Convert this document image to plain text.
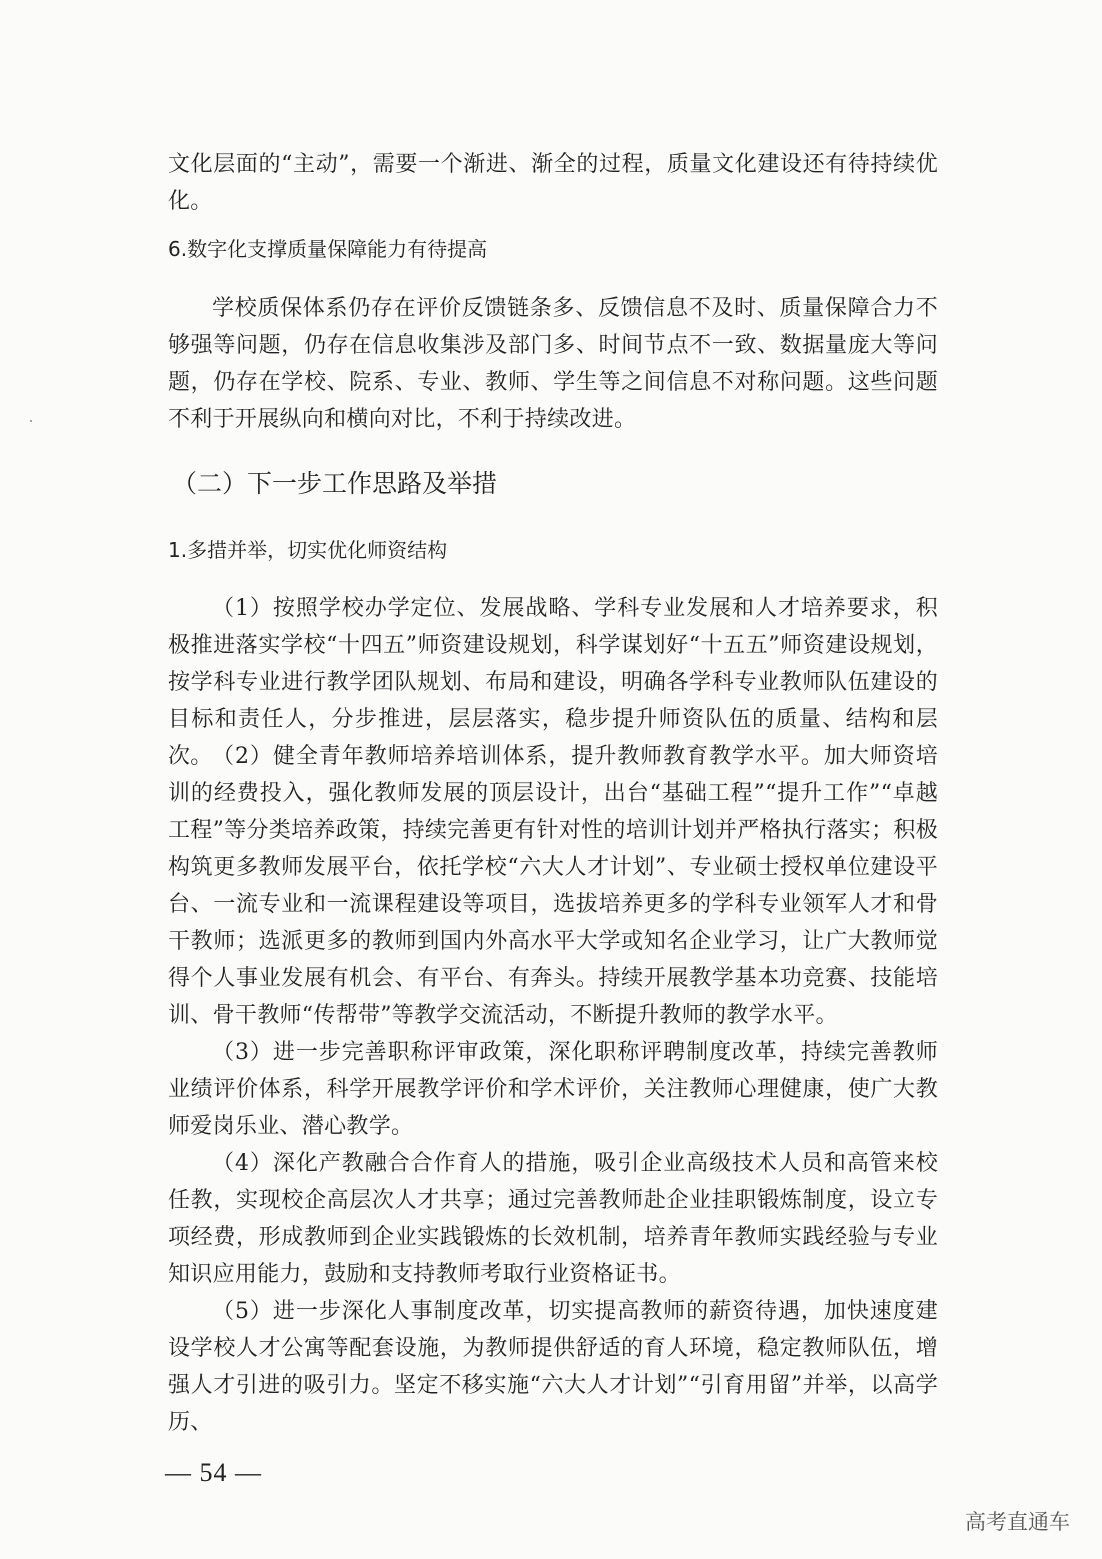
文化层面的“主动”，需要一个渐进、渐全的过程，质量文化建设还有待持续优化。

6.数字化支撑质量保障能力有待提高

学校质保体系仍存在评价反馈链条多、反馈信息不及时、质量保障合力不够强等问题，仍存在信息收集涉及部门多、时间节点不一致、数据量庞大等问题，仍存在学校、院系、专业、教师、学生等之间信息不对称问题。这些问题不利于开展纵向和横向对比，不利于持续改进。

（二）下一步工作思路及举措
1.多措并举，切实优化师资结构

（1）按照学校办学定位、发展战略、学科专业发展和人才培养要求，积极推进落实学校“十四五”师资建设规划，科学谋划好“十五五”师资建设规划，按学科专业进行教学团队规划、布局和建设，明确各学科专业教师队伍建设的目标和责任人，分步推进，层层落实，稳步提升师资队伍的质量、结构和层次。 （2）健全青年教师培养培训体系，提升教师教育教学水平。加大师资培训的经费投入，强化教师发展的顶层设计，出台“基础工程”“提升工作”“卓越工程”等分类培养政策，持续完善更有针对性的培训计划并严格执行落实；积极构筑更多教师发展平台，依托学校“六大人才计划”、专业硕士授权单位建设平台、一流专业和一流课程建设等项目，选拔培养更多的学科专业领军人才和骨干教师；选派更多的教师到国内外高水平大学或知名企业学习，让广大教师觉得个人事业发展有机会、有平台、有奔头。持续开展教学基本功竞赛、技能培训、骨干教师“传帮带”等教学交流活动，不断提升教师的教学水平。

（3）进一步完善职称评审政策，深化职称评聘制度改革，持续完善教师业绩评价体系，科学开展教学评价和学术评价，关注教师心理健康，使广大教师爱岗乐业、潜心教学。

（4）深化产教融合合作育人的措施，吸引企业高级技术人员和高管来校任教，实现校企高层次人才共享；通过完善教师赴企业挂职锻炼制度，设立专项经费，形成教师到企业实践锻炼的长效机制，培养青年教师实践经验与专业知识应用能力，鼓励和支持教师考取行业资格证书。

（5）进一步深化人事制度改革，切实提高教师的薪资待遇，加快速度建设学校人才公寓等配套设施，为教师提供舒适的育人环境，稳定教师队伍，增强人才引进的吸引力。坚定不移实施“六大人才计划”“引育用留”并举，以高学历、

— 54 —
高考直通车
